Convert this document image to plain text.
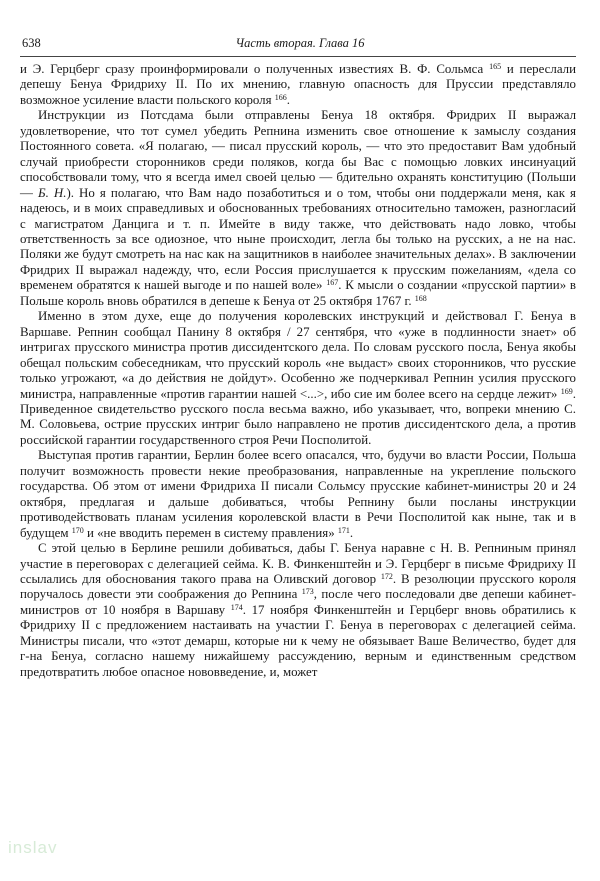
638	Часть вторая. Глава 16

и Э. Герцберг сразу проинформировали о полученных известиях В. Ф. Сольмса $^{165}$ и переслали депешу Бенуа Фридриху II. По их мнению, главную опасность для Пруссии представляло возможное усиление власти польского короля $^{166}$.

Инструкции из Потсдама были отправлены Бенуа 18 октября. Фридрих II выражал удовлетворение, что тот сумел убедить Репнина изменить свое отношение к замыслу создания Постоянного совета. «Я полагаю, — писал прусский король, — что это предоставит Вам удобный случай приобрести сторонников среди поляков, когда бы Вас с помощью ловких инсинуаций способствовали тому, что я всегда имел своей целью — бдительно охранять конституцию (Польши — Б. Н.). Но я полагаю, что Вам надо позаботиться и о том, чтобы они поддержали меня, как я надеюсь, и в моих справедливых и обоснованных требованиях относительно таможен, разногласий с магистратом Данцига и т. п. Имейте в виду также, что действовать надо ловко, чтобы ответственность за все одиозное, что ныне происходит, легла бы только на русских, а не на нас. Поляки же будут смотреть на нас как на защитников в наиболее значительных делах». В заключении Фридрих II выражал надежду, что, если Россия прислушается к прусским пожеланиям, «дела со временем обратятся к нашей выгоде и по нашей воле» $^{167}$. К мысли о создании «прусской партии» в Польше король вновь обратился в депеше к Бенуа от 25 октября 1767 г. $^{168}$

Именно в этом духе, еще до получения королевских инструкций и действовал Г. Бенуа в Варшаве. Репнин сообщал Панину 8 октября / 27 сентября, что «уже в подлинности знает» об интригах прусского министра против диссидентского дела. По словам русского посла, Бенуа якобы обещал польским собеседникам, что прусский король «не выдаст» своих сторонников, что русские только угрожают, «а до действия не дойдут». Особенно же подчеркивал Репнин усилия прусского министра, направленные «против гарантии нашей <...>, ибо сие им более всего на сердце лежит» $^{169}$. Приведенное свидетельство русского посла весьма важно, ибо указывает, что, вопреки мнению С. М. Соловьева, острие прусских интриг было направлено не против диссидентского дела, а против российской гарантии государственного строя Речи Посполитой.

Выступая против гарантии, Берлин более всего опасался, что, будучи во власти России, Польша получит возможность провести некие преобразования, направленные на укрепление польского государства. Об этом от имени Фридриха II писали Сольмсу прусские кабинет-министры 20 и 24 октября, предлагая и дальше добиваться, чтобы Репнину были посланы инструкции противодействовать планам усиления королевской власти в Речи Посполитой как ныне, так и в будущем $^{170}$ и «не вводить перемен в систему правления» $^{171}$.

С этой целью в Берлине решили добиваться, дабы Г. Бенуа наравне с Н. В. Репниным принял участие в переговорах с делегацией сейма. К. В. Финкенштейн и Э. Герцберг в письме Фридриху II ссылались для обоснования такого права на Оливский договор $^{172}$. В резолюции прусского короля поручалось довести эти соображения до Репнина $^{173}$, после чего последовали две депеши кабинет-министров от 10 ноября в Варшаву $^{174}$. 17 ноября Финкенштейн и Герцберг вновь обратились к Фридриху II с предложением настаивать на участии Г. Бенуа в переговорах с делегацией сейма. Министры писали, что «этот демарш, которые ни к чему не обязывает Ваше Величество, будет для г-на Бенуа, согласно нашему нижайшему рассуждению, верным и единственным средством предотвратить любое опасное нововведение, и, может

inslav
